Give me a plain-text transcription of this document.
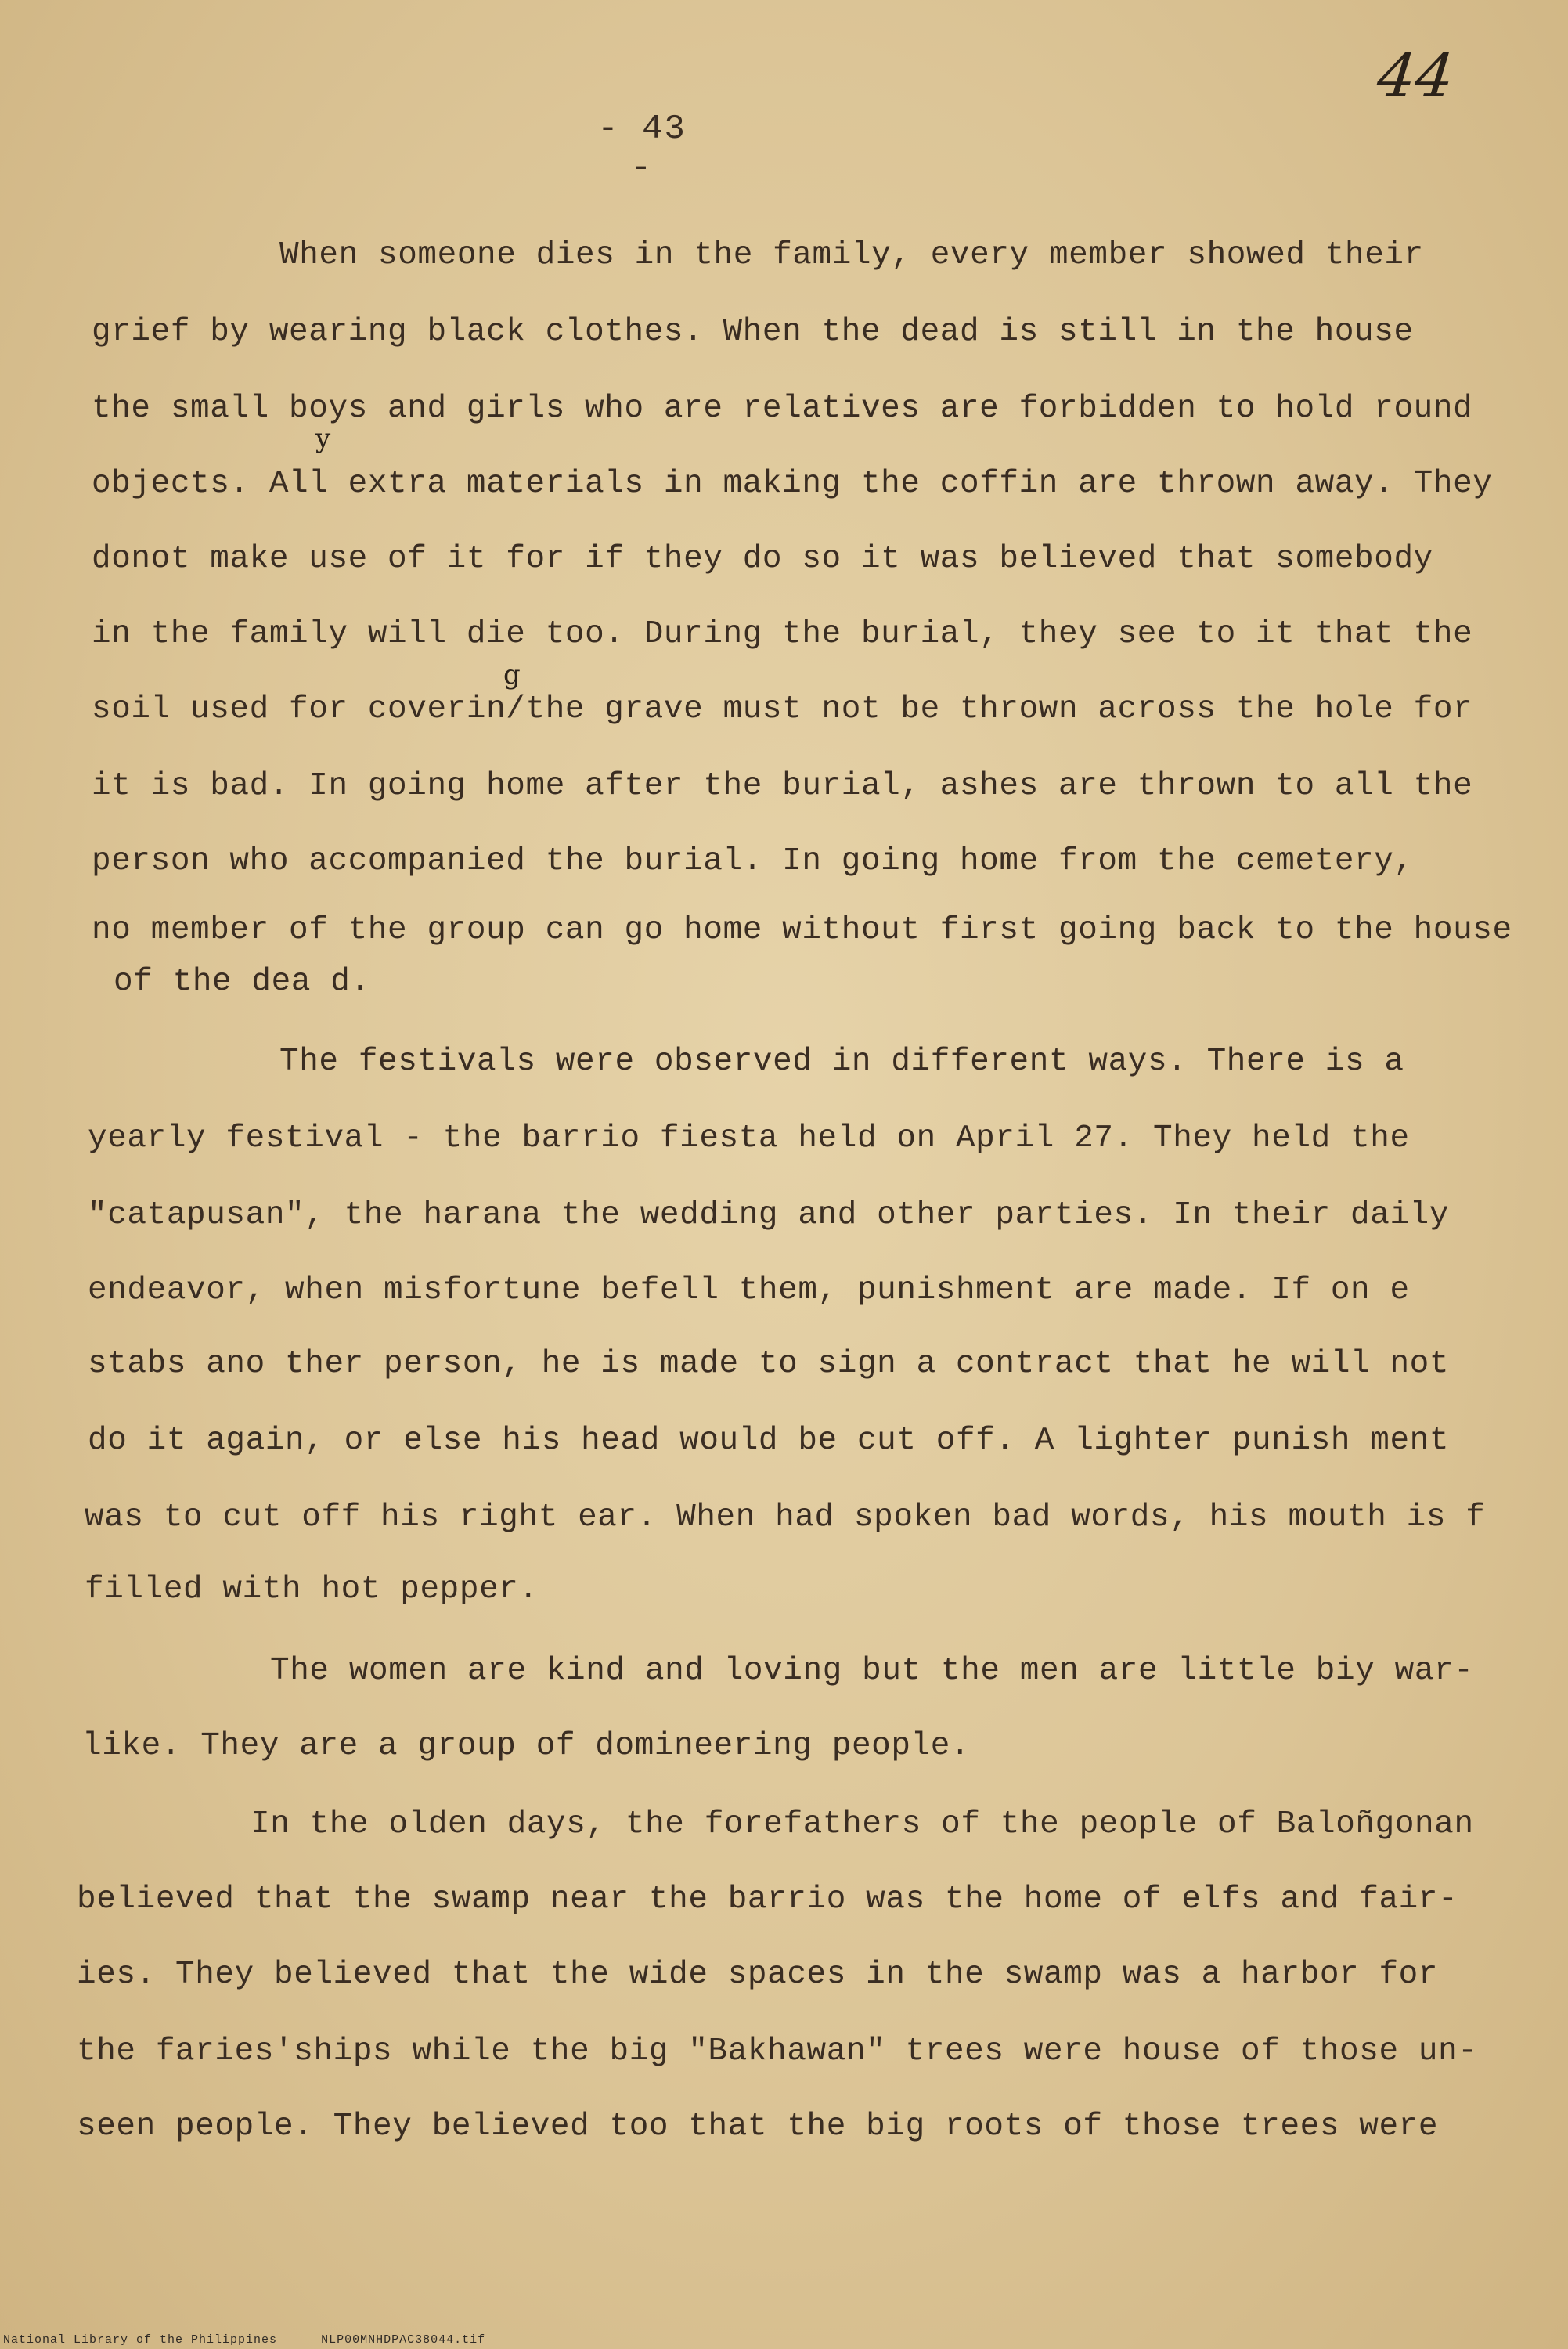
44
- 43 -
When someone dies in the family, every member showed their
grief by wearing black clothes. When the dead is still in the house
the small boys and girls who are relatives are forbidden to hold round
objects. All extra materials in making the coffin are thrown away. They
donot make use of it for if they do so it was believed that somebody
in the family will die too. During the burial, they see to it that the
soil used for coverin/the grave must not be thrown across the hole for
it is bad. In going home after the burial, ashes are thrown to all the
person who accompanied the burial. In going home from the cemetery,
no member of the group can go home without first going back to the house
of the dea d.
The festivals were observed in different ways. There is a
yearly festival - the barrio fiesta held on April 27. They held the
"catapusan", the harana the wedding and other parties. In their daily
endeavor, when misfortune befell them, punishment are made. If on e
stabs ano ther person, he is made to sign a contract that he will not
do it again, or else his head would be cut off. A lighter punish ment
was to cut off his right ear. When had spoken bad words, his mouth is f
filled with hot pepper.
The women are kind and loving but the men are little biy war-
like. They are a group of domineering people.
In the olden days, the forefathers of the people of Baloñgonan
believed that the swamp near the barrio was the home of elfs and fair-
ies. They believed that the wide spaces in the swamp was a harbor for
the faries'ships while the big "Bakhawan" trees were house of those un-
seen people. They believed too that the big roots of those trees were
g
y
National Library of the Philippines	NLP00MNHDPAC38044.tif
